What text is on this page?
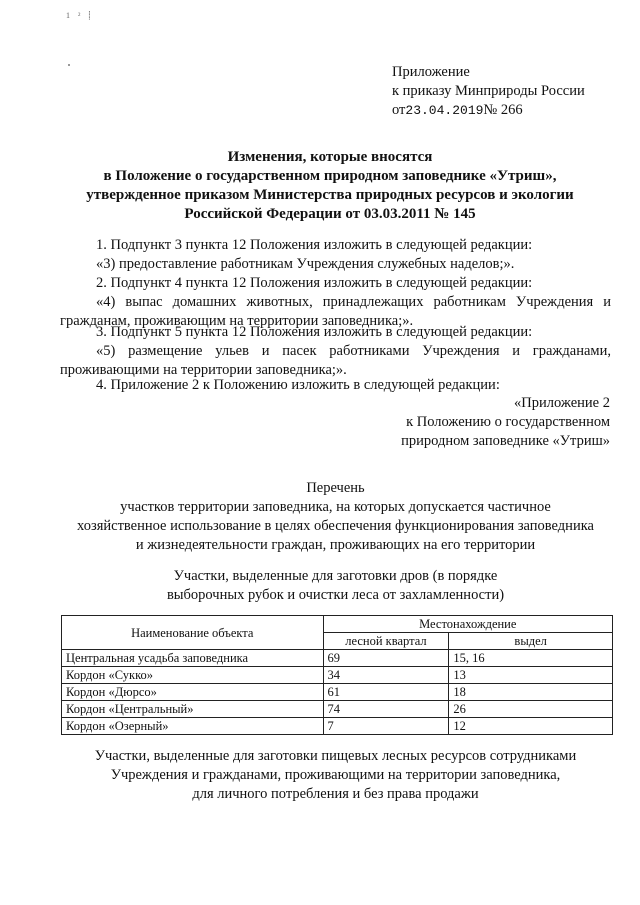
1 ² ⸽
Приложение
к приказу Минприроды России
от23.04.2019№ 266
Изменения, которые вносятся
в Положение о государственном природном заповеднике «Утриш»,
утвержденное приказом Министерства природных ресурсов и экологии
Российской Федерации от 03.03.2011 № 145
1. Подпункт 3 пункта 12 Положения изложить в следующей редакции:
«3) предоставление работникам Учреждения служебных наделов;».
2. Подпункт 4 пункта 12 Положения изложить в следующей редакции:
«4) выпас домашних животных, принадлежащих работникам Учреждения и гражданам, проживающим на территории заповедника;».
3. Подпункт 5 пункта 12 Положения изложить в следующей редакции:
«5) размещение ульев и пасек работниками Учреждения и гражданами, проживающими на территории заповедника;».
4. Приложение 2 к Положению изложить в следующей редакции:
«Приложение 2
к Положению о государственном
природном заповеднике «Утриш»
Перечень
участков территории заповедника, на которых допускается частичное
хозяйственное использование в целях обеспечения функционирования заповедника
и жизнедеятельности граждан, проживающих на его территории
Участки, выделенные для заготовки дров (в порядке
выборочных рубок и очистки леса от захламленности)
Наименование объекта	Местонахождение	
	лесной квартал	выдел
Центральная усадьба заповедника	69	15, 16
Кордон «Сукко»	34	13
Кордон «Дюрсо»	61	18
Кордон «Центральный»	74	26
Кордон «Озерный»	7	12
Участки, выделенные для заготовки пищевых лесных ресурсов сотрудниками
Учреждения и гражданами, проживающими на территории заповедника,
для личного потребления и без права продажи
